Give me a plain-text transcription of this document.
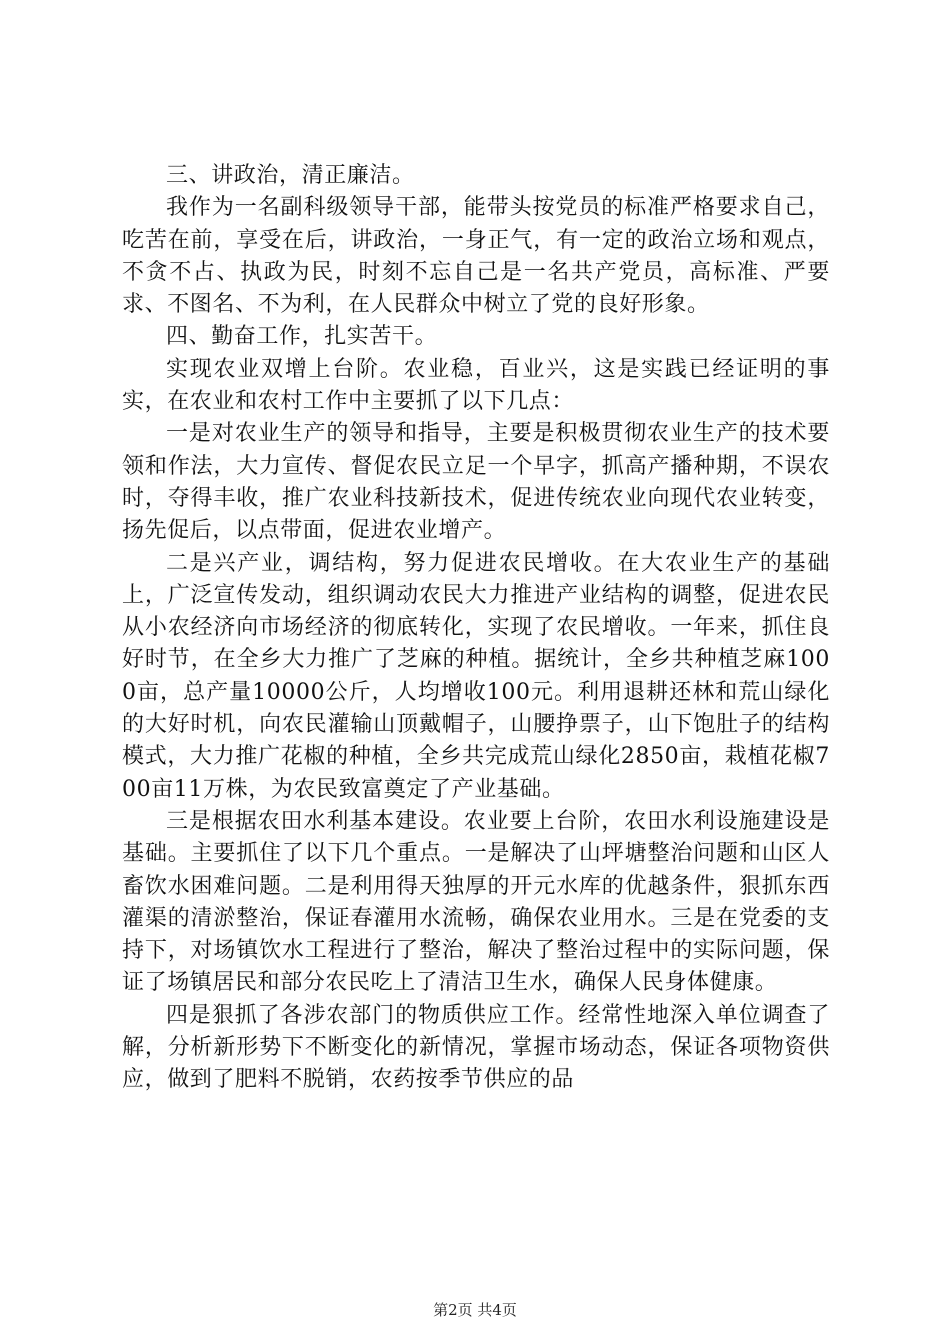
三、讲政治，清正廉洁。

我作为一名副科级领导干部，能带头按党员的标准严格要求自己，吃苦在前，享受在后，讲政治，一身正气，有一定的政治立场和观点，不贪不占、执政为民，时刻不忘自己是一名共产党员，高标准、严要求、不图名、不为利，在人民群众中树立了党的良好形象。

四、勤奋工作，扎实苦干。

实现农业双增上台阶。农业稳，百业兴，这是实践已经证明的事实，在农业和农村工作中主要抓了以下几点：

一是对农业生产的领导和指导，主要是积极贯彻农业生产的技术要领和作法，大力宣传、督促农民立足一个早字，抓高产播种期，不误农时，夺得丰收，推广农业科技新技术，促进传统农业向现代农业转变，扬先促后，以点带面，促进农业增产。

二是兴产业，调结构，努力促进农民增收。在大农业生产的基础上，广泛宣传发动，组织调动农民大力推进产业结构的调整，促进农民从小农经济向市场经济的彻底转化，实现了农民增收。一年来，抓住良好时节，在全乡大力推广了芝麻的种植。据统计，全乡共种植芝麻1000亩，总产量10000公斤，人均增收100元。利用退耕还林和荒山绿化的大好时机，向农民灌输山顶戴帽子，山腰挣票子，山下饱肚子的结构模式，大力推广花椒的种植，全乡共完成荒山绿化2850亩，栽植花椒700亩11万株，为农民致富奠定了产业基础。

三是根据农田水利基本建设。农业要上台阶，农田水利设施建设是基础。主要抓住了以下几个重点。一是解决了山坪塘整治问题和山区人畜饮水困难问题。二是利用得天独厚的开元水库的优越条件，狠抓东西灌渠的清淤整治，保证春灌用水流畅，确保农业用水。三是在党委的支持下，对场镇饮水工程进行了整治，解决了整治过程中的实际问题，保证了场镇居民和部分农民吃上了清洁卫生水，确保人民身体健康。

四是狠抓了各涉农部门的物质供应工作。经常性地深入单位调查了解，分析新形势下不断变化的新情况，掌握市场动态，保证各项物资供应，做到了肥料不脱销，农药按季节供应的品

第2页 共4页
